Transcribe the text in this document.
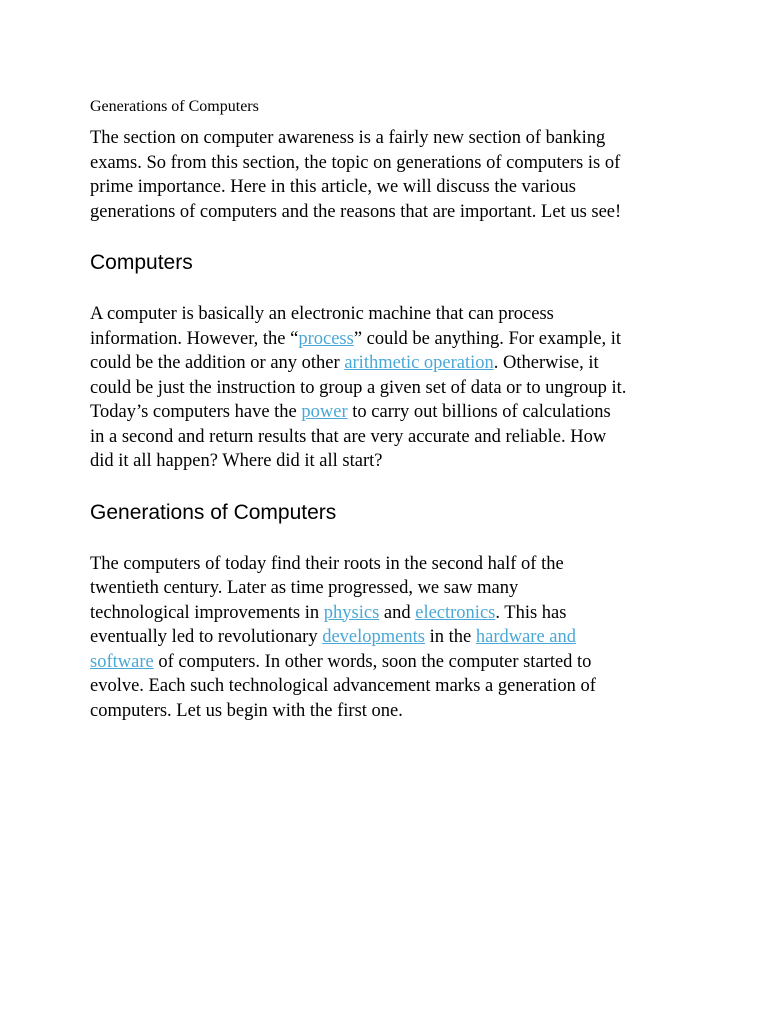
Generations of Computers

The section on computer awareness is a fairly new section of banking
exams. So from this section, the topic on generations of computers is of
prime importance. Here in this article, we will discuss the various
generations of computers and the reasons that are important. Let us see!

Computers

A computer is basically an electronic machine that can process
information. However, the “process” could be anything. For example, it
could be the addition or any other arithmetic operation. Otherwise, it
could be just the instruction to group a given set of data or to ungroup it.
Today’s computers have the power to carry out billions of calculations
in a second and return results that are very accurate and reliable. How
did it all happen? Where did it all start?

Generations of Computers

The computers of today find their roots in the second half of the
twentieth century. Later as time progressed, we saw many
technological improvements in physics and electronics. This has
eventually led to revolutionary developments in the hardware and
software of computers. In other words, soon the computer started to
evolve. Each such technological advancement marks a generation of
computers. Let us begin with the first one.
